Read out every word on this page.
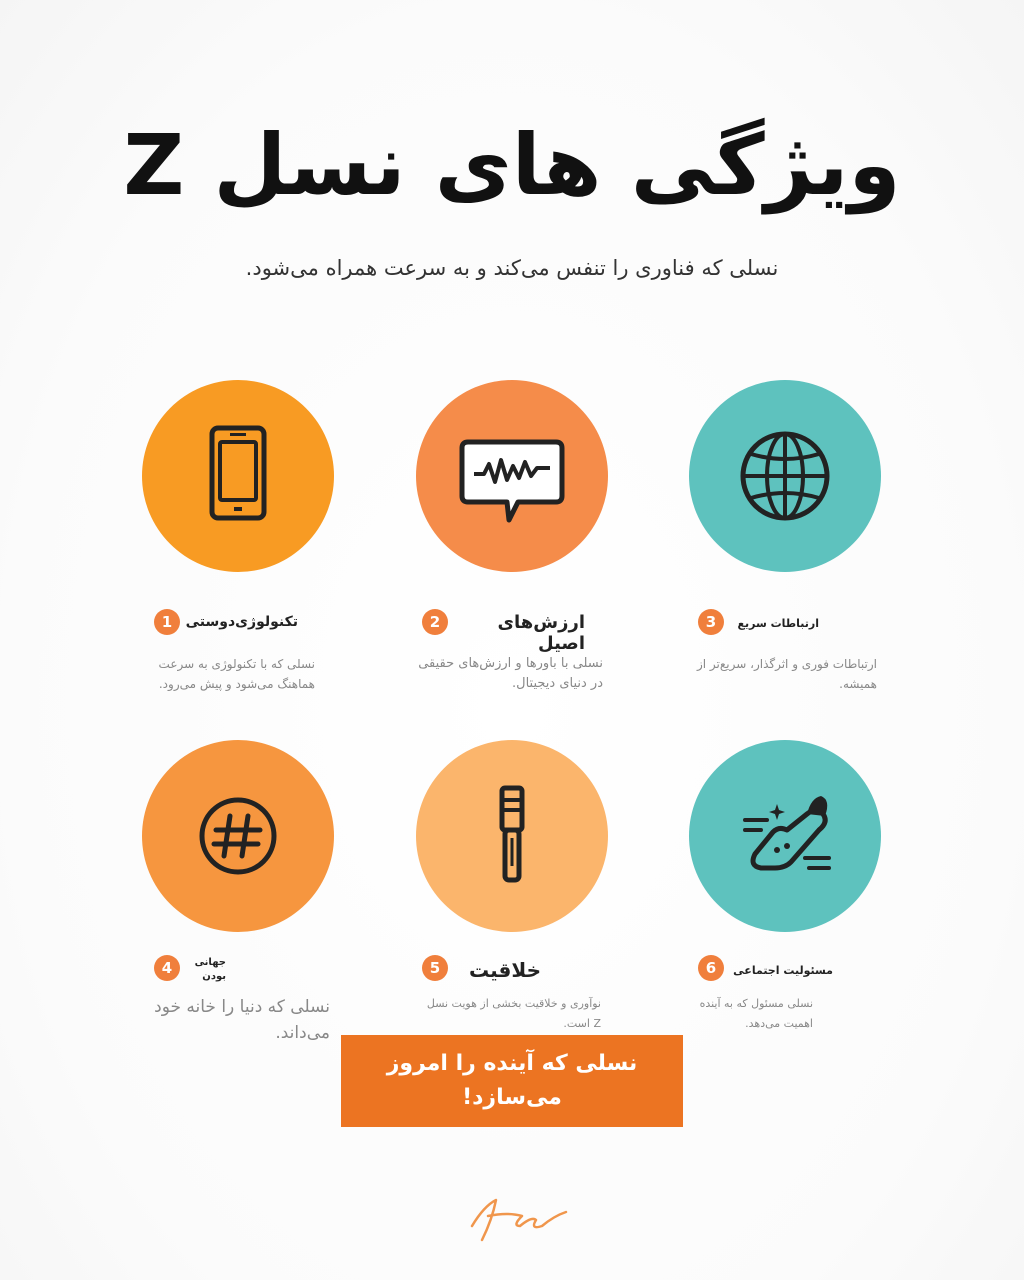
ویژگی های نسل Z
نسلی که فناوری را تنفس می‌کند و به سرعت همراه می‌شود.
1 تکنولوژی‌دوستی
نسلی که با تکنولوژی به سرعت هماهنگ می‌شود و پیش می‌رود.
2	ارزش‌های اصیل
نسلی با باورها و ارزش‌های حقیقی در دنیای دیجیتال.
3	ارتباطات سریع
ارتباطات فوری و اثرگذار، سریع‌تر از همیشه.
4	جهانی بودن
نسلی که دنیا را خانه خود می‌داند.
5	خلاقیت
نوآوری و خلاقیت بخشی از هویت نسل Z است.
6	مسئولیت اجتماعی
نسلی مسئول که به آینده اهمیت می‌دهد.
نسلی که آینده را امروز می‌سازد!
